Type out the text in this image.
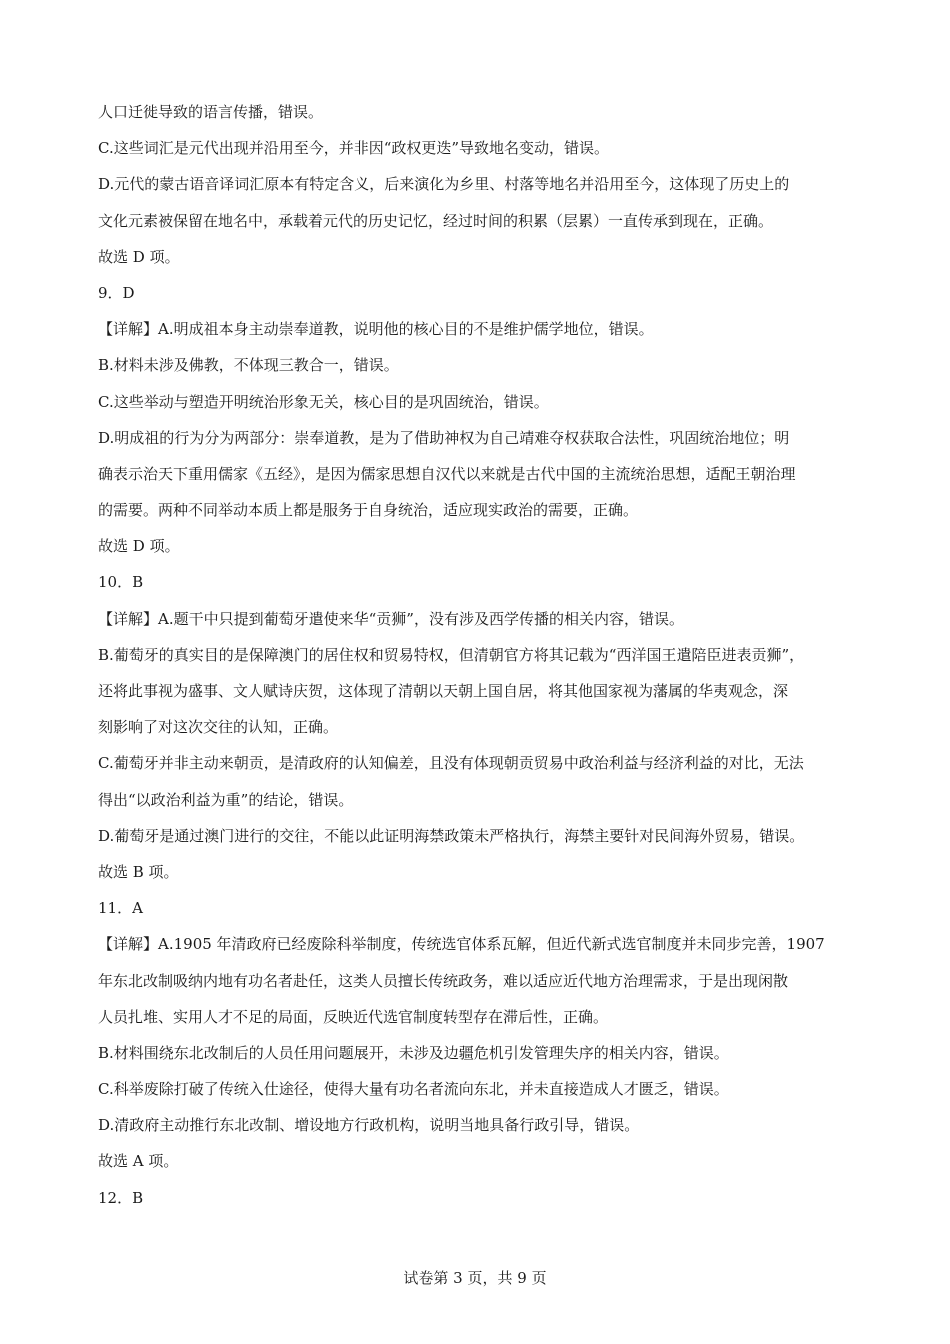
人口迁徙导致的语言传播，错误。
C.这些词汇是元代出现并沿用至今，并非因“政权更迭”导致地名变动，错误。
D.元代的蒙古语音译词汇原本有特定含义，后来演化为乡里、村落等地名并沿用至今，这体现了历史上的
文化元素被保留在地名中，承载着元代的历史记忆，经过时间的积累（层累）一直传承到现在，正确。
故选 D 项。
9．D
【详解】A.明成祖本身主动崇奉道教，说明他的核心目的不是维护儒学地位，错误。
B.材料未涉及佛教，不体现三教合一，错误。
C.这些举动与塑造开明统治形象无关，核心目的是巩固统治，错误。
D.明成祖的行为分为两部分：崇奉道教，是为了借助神权为自己靖难夺权获取合法性，巩固统治地位；明
确表示治天下重用儒家《五经》，是因为儒家思想自汉代以来就是古代中国的主流统治思想，适配王朝治理
的需要。两种不同举动本质上都是服务于自身统治，适应现实政治的需要，正确。
故选 D 项。
10．B
【详解】A.题干中只提到葡萄牙遣使来华“贡狮”，没有涉及西学传播的相关内容，错误。
B.葡萄牙的真实目的是保障澳门的居住权和贸易特权，但清朝官方将其记载为“西洋国王遣陪臣进表贡狮”，
还将此事视为盛事、文人赋诗庆贺，这体现了清朝以天朝上国自居，将其他国家视为藩属的华夷观念，深
刻影响了对这次交往的认知，正确。
C.葡萄牙并非主动来朝贡，是清政府的认知偏差，且没有体现朝贡贸易中政治利益与经济利益的对比，无法
得出“以政治利益为重”的结论，错误。
D.葡萄牙是通过澳门进行的交往，不能以此证明海禁政策未严格执行，海禁主要针对民间海外贸易，错误。
故选 B 项。
11．A
【详解】A.1905 年清政府已经废除科举制度，传统选官体系瓦解，但近代新式选官制度并未同步完善，1907
年东北改制吸纳内地有功名者赴任，这类人员擅长传统政务，难以适应近代地方治理需求，于是出现闲散
人员扎堆、实用人才不足的局面，反映近代选官制度转型存在滞后性，正确。
B.材料围绕东北改制后的人员任用问题展开，未涉及边疆危机引发管理失序的相关内容，错误。
C.科举废除打破了传统入仕途径，使得大量有功名者流向东北，并未直接造成人才匮乏，错误。
D.清政府主动推行东北改制、增设地方行政机构，说明当地具备行政引导，错误。
故选 A 项。
12．B
试卷第 3 页，共 9 页
